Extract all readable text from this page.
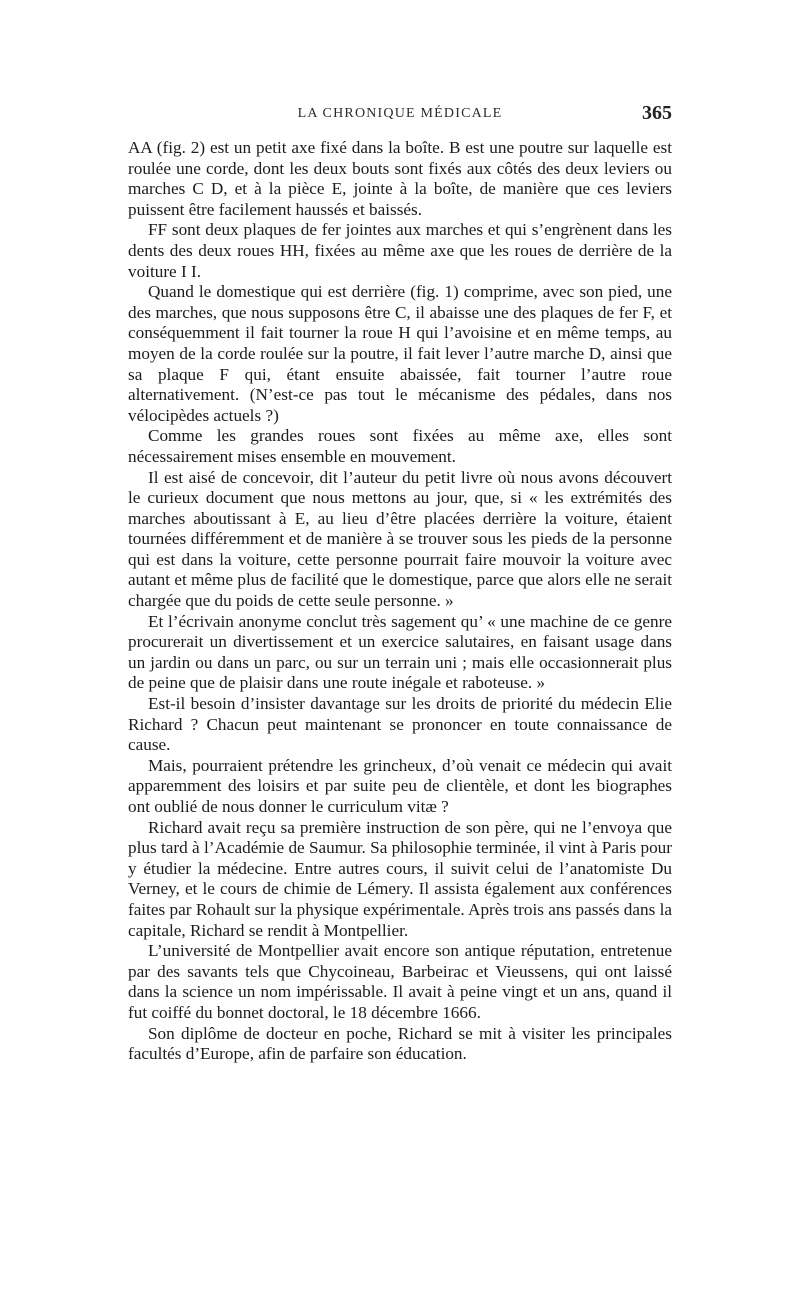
LA CHRONIQUE MÉDICALE	365

AA (fig. 2) est un petit axe fixé dans la boîte. B est une poutre sur laquelle est roulée une corde, dont les deux bouts sont fixés aux côtés des deux leviers ou marches C D, et à la pièce E, jointe à la boîte, de manière que ces leviers puissent être facilement haussés et baissés.

FF sont deux plaques de fer jointes aux marches et qui s’engrènent dans les dents des deux roues HH, fixées au même axe que les roues de derrière de la voiture I I.

Quand le domestique qui est derrière (fig. 1) comprime, avec son pied, une des marches, que nous supposons être C, il abaisse une des plaques de fer F, et conséquemment il fait tourner la roue H qui l’avoisine et en même temps, au moyen de la corde roulée sur la poutre, il fait lever l’autre marche D, ainsi que sa plaque F qui, étant ensuite abaissée, fait tourner l’autre roue alternativement. (N’est-ce pas tout le mécanisme des pédales, dans nos vélocipèdes actuels ?)

Comme les grandes roues sont fixées au même axe, elles sont nécessairement mises ensemble en mouvement.

Il est aisé de concevoir, dit l’auteur du petit livre où nous avons découvert le curieux document que nous mettons au jour, que, si « les extrémités des marches aboutissant à E, au lieu d’être placées derrière la voiture, étaient tournées différemment et de manière à se trouver sous les pieds de la personne qui est dans la voiture, cette personne pourrait faire mouvoir la voiture avec autant et même plus de facilité que le domestique, parce que alors elle ne serait chargée que du poids de cette seule personne. »

Et l’écrivain anonyme conclut très sagement qu’ « une machine de ce genre procurerait un divertissement et un exercice salutaires, en faisant usage dans un jardin ou dans un parc, ou sur un terrain uni ; mais elle occasionnerait plus de peine que de plaisir dans une route inégale et raboteuse. »

Est-il besoin d’insister davantage sur les droits de priorité du médecin Elie Richard ? Chacun peut maintenant se prononcer en toute connaissance de cause.

Mais, pourraient prétendre les grincheux, d’où venait ce médecin qui avait apparemment des loisirs et par suite peu de clientèle, et dont les biographes ont oublié de nous donner le curriculum vitæ ?

Richard avait reçu sa première instruction de son père, qui ne l’envoya que plus tard à l’Académie de Saumur. Sa philosophie terminée, il vint à Paris pour y étudier la médecine. Entre autres cours, il suivit celui de l’anatomiste Du Verney, et le cours de chimie de Lémery. Il assista également aux conférences faites par Rohault sur la physique expérimentale. Après trois ans passés dans la capitale, Richard se rendit à Montpellier.

L’université de Montpellier avait encore son antique réputation, entretenue par des savants tels que Chycoineau, Barbeirac et Vieussens, qui ont laissé dans la science un nom impérissable. Il avait à peine vingt et un ans, quand il fut coiffé du bonnet doctoral, le 18 décembre 1666.

Son diplôme de docteur en poche, Richard se mit à visiter les principales facultés d’Europe, afin de parfaire son éducation.
